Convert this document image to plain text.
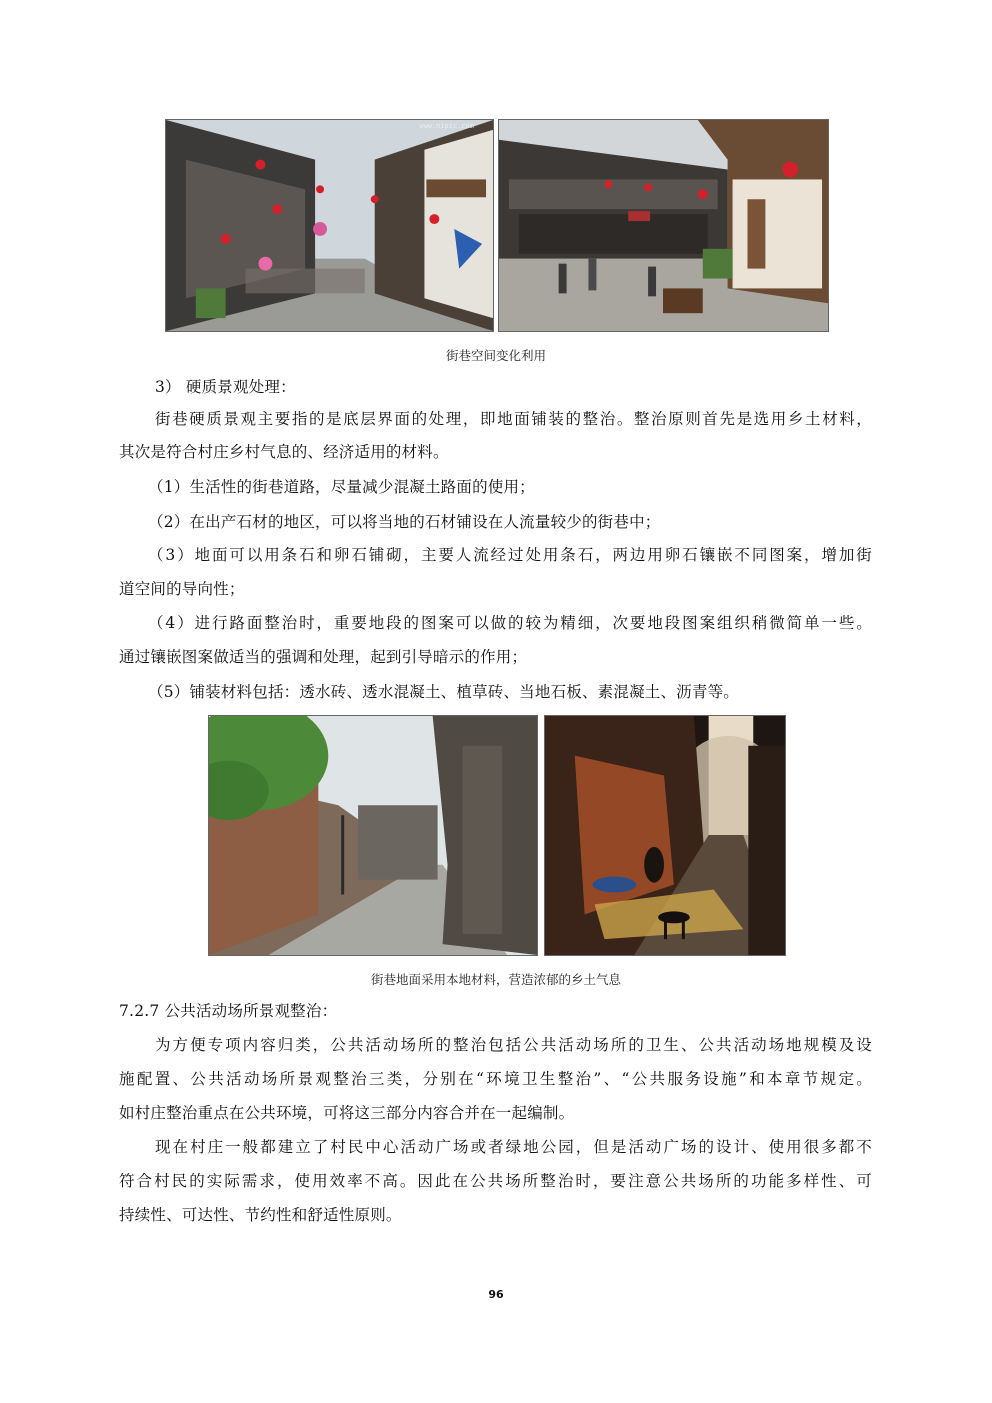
www.nipic.com
街巷空间变化利用
3） 硬质景观处理：
街巷硬质景观主要指的是底层界面的处理，即地面铺装的整治。整治原则首先是选用乡土材料，
其次是符合村庄乡村气息的、经济适用的材料。
（1）生活性的街巷道路，尽量减少混凝土路面的使用；
（2）在出产石材的地区，可以将当地的石材铺设在人流量较少的街巷中；
（3）地面可以用条石和卵石铺砌，主要人流经过处用条石，两边用卵石镶嵌不同图案，增加街
道空间的导向性；
（4）进行路面整治时，重要地段的图案可以做的较为精细，次要地段图案组织稍微简单一些。
通过镶嵌图案做适当的强调和处理，起到引导暗示的作用；
（5）铺装材料包括：透水砖、透水混凝土、植草砖、当地石板、素混凝土、沥青等。
街巷地面采用本地材料，营造浓郁的乡土气息
7.2.7 公共活动场所景观整治：
为方便专项内容归类，公共活动场所的整治包括公共活动场所的卫生、公共活动场地规模及设
施配置、公共活动场所景观整治三类，分别在“环境卫生整治”、“公共服务设施”和本章节规定。
如村庄整治重点在公共环境，可将这三部分内容合并在一起编制。
现在村庄一般都建立了村民中心活动广场或者绿地公园，但是活动广场的设计、使用很多都不
符合村民的实际需求，使用效率不高。因此在公共场所整治时，要注意公共场所的功能多样性、可
持续性、可达性、节约性和舒适性原则。
96
